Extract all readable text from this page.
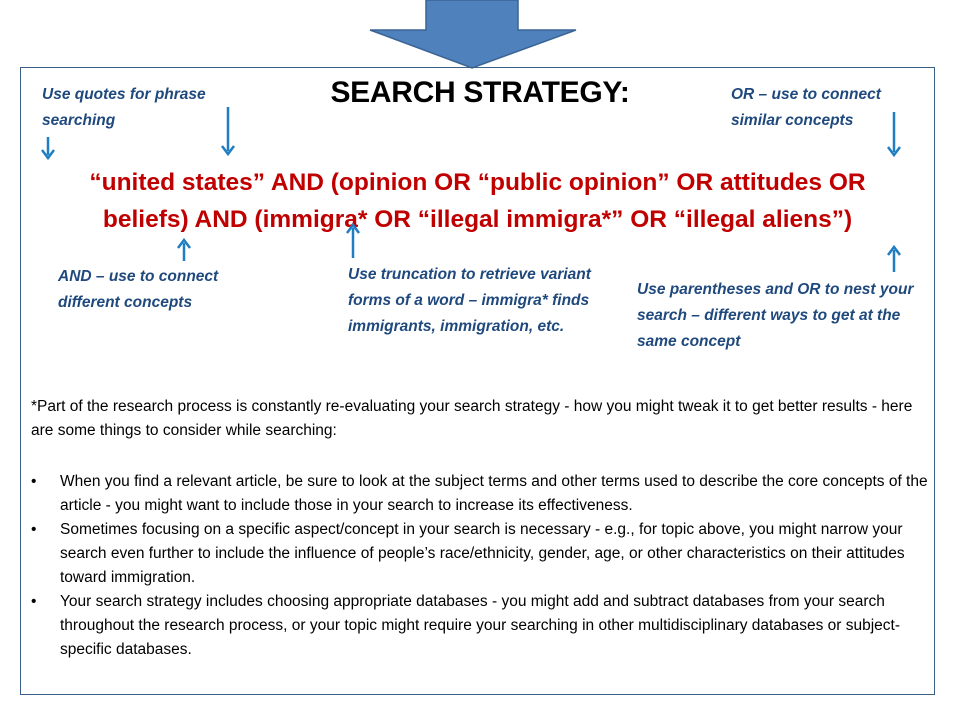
SEARCH STRATEGY:
Use quotes for phrase searching
OR – use to connect similar concepts
AND – use to connect different concepts
Use truncation to retrieve variant forms of a word – immigra* finds immigrants, immigration, etc.
Use parentheses and OR to nest your search – different ways to get at the same concept
“united states” AND (opinion OR “public opinion” OR attitudes OR
beliefs) AND (immigra* OR “illegal immigra*” OR “illegal aliens”)
*Part of the research process is constantly re-evaluating your search strategy - how you might tweak it to get better results - here are some things to consider while searching:
• When you find a relevant article, be sure to look at the subject terms and other terms used to describe the core concepts of the article - you might want to include those in your search to increase its effectiveness.
• Sometimes focusing on a specific aspect/concept in your search is necessary - e.g., for topic above, you might narrow your search even further to include the influence of people’s race/ethnicity, gender, age, or other characteristics on their attitudes toward immigration.
• Your search strategy includes choosing appropriate databases - you might add and subtract databases from your search throughout the research process, or your topic might require your searching in other multidisciplinary databases or subject-specific databases.
